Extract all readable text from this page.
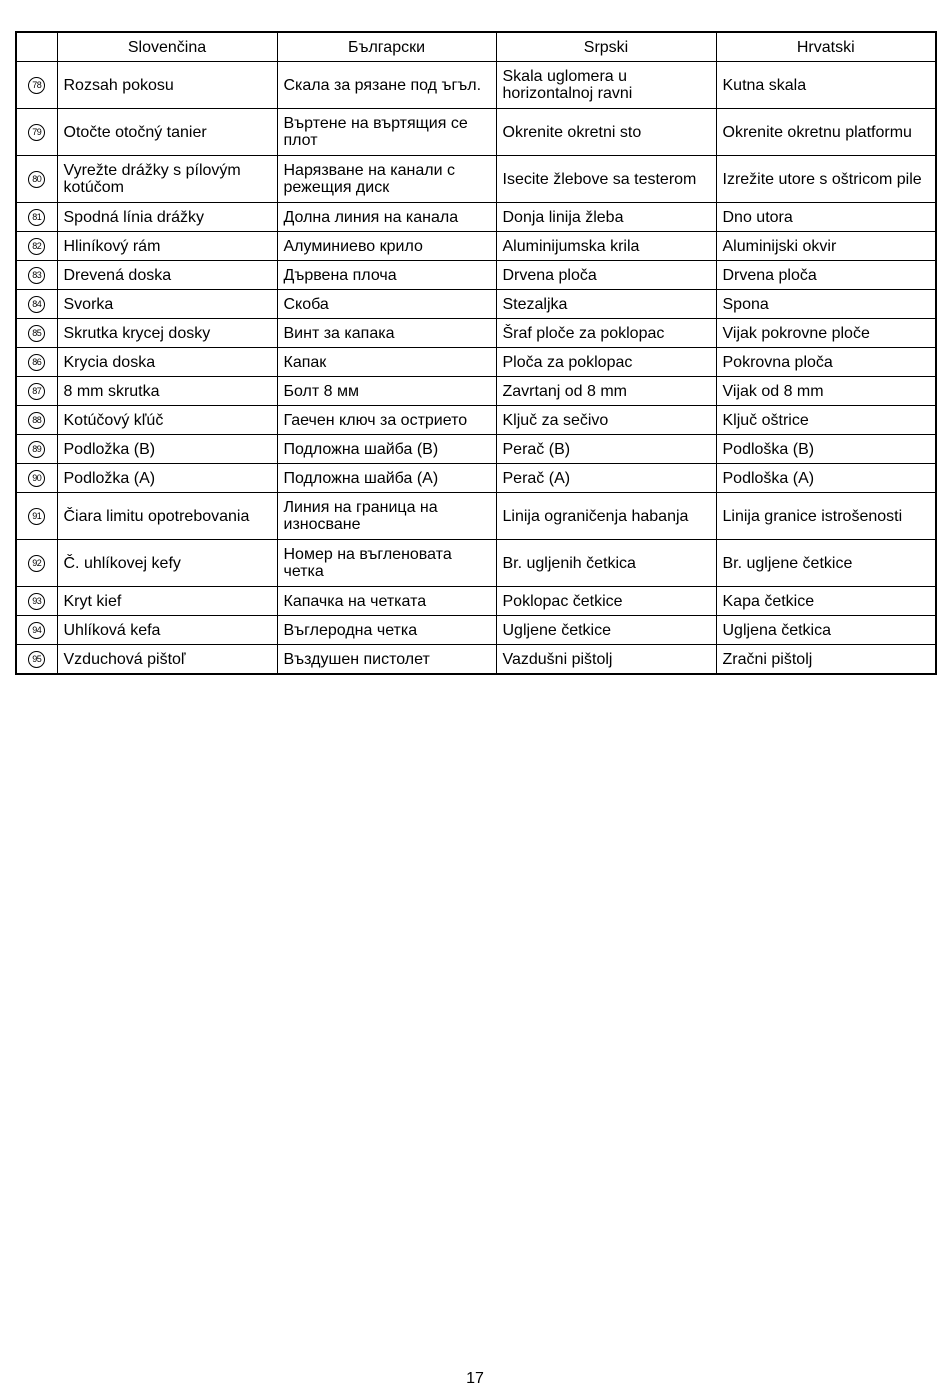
	Slovenčina	Български	Srpski	Hrvatski
78	Rozsah pokosu	Скала за рязане под ъгъл.	Skala uglomera u horizontalnoj ravni	Kutna skala
79	Otočte otočný tanier	Въртене на въртящия се плот	Okrenite okretni sto	Okrenite okretnu platformu
80	Vyrežte drážky s pílovým kotúčom	Нарязване на канали с режещия диск	Isecite žlebove sa testerom	Izrežite utore s oštricom pile
81	Spodná línia drážky	Долна линия на канала	Donja linija žleba	Dno utora
82	Hliníkový rám	Алуминиево крило	Aluminijumska krila	Aluminijski okvir
83	Drevená doska	Дървена плоча	Drvena ploča	Drvena ploča
84	Svorka	Скоба	Stezaljka	Spona
85	Skrutka krycej dosky	Винт за капака	Šraf ploče za poklopac	Vijak pokrovne ploče
86	Krycia doska	Капак	Ploča za poklopac	Pokrovna ploča
87	8 mm skrutka	Болт 8 мм	Zavrtanj od 8 mm	Vijak od 8 mm
88	Kotúčový kľúč	Гаечен ключ за острието	Ključ za sečivo	Ključ oštrice
89	Podložka (B)	Подложна шайба (B)	Perač (B)	Podloška (B)
90	Podložka (A)	Подложна шайба (A)	Perač (A)	Podloška (A)
91	Čiara limitu opotrebovania	Линия на граница на износване	Linija ograničenja habanja	Linija granice istrošenosti
92	Č. uhlíkovej kefy	Номер на въгленовата четка	Br. ugljenih četkica	Br. ugljene četkice
93	Kryt kief	Капачка на четката	Poklopac četkice	Kapa četkice
94	Uhlíková kefa	Въглеродна четка	Ugljene četkice	Ugljena četkica
95	Vzduchová pištoľ	Въздушен пистолет	Vazdušni pištolj	Zračni pištolj
17
